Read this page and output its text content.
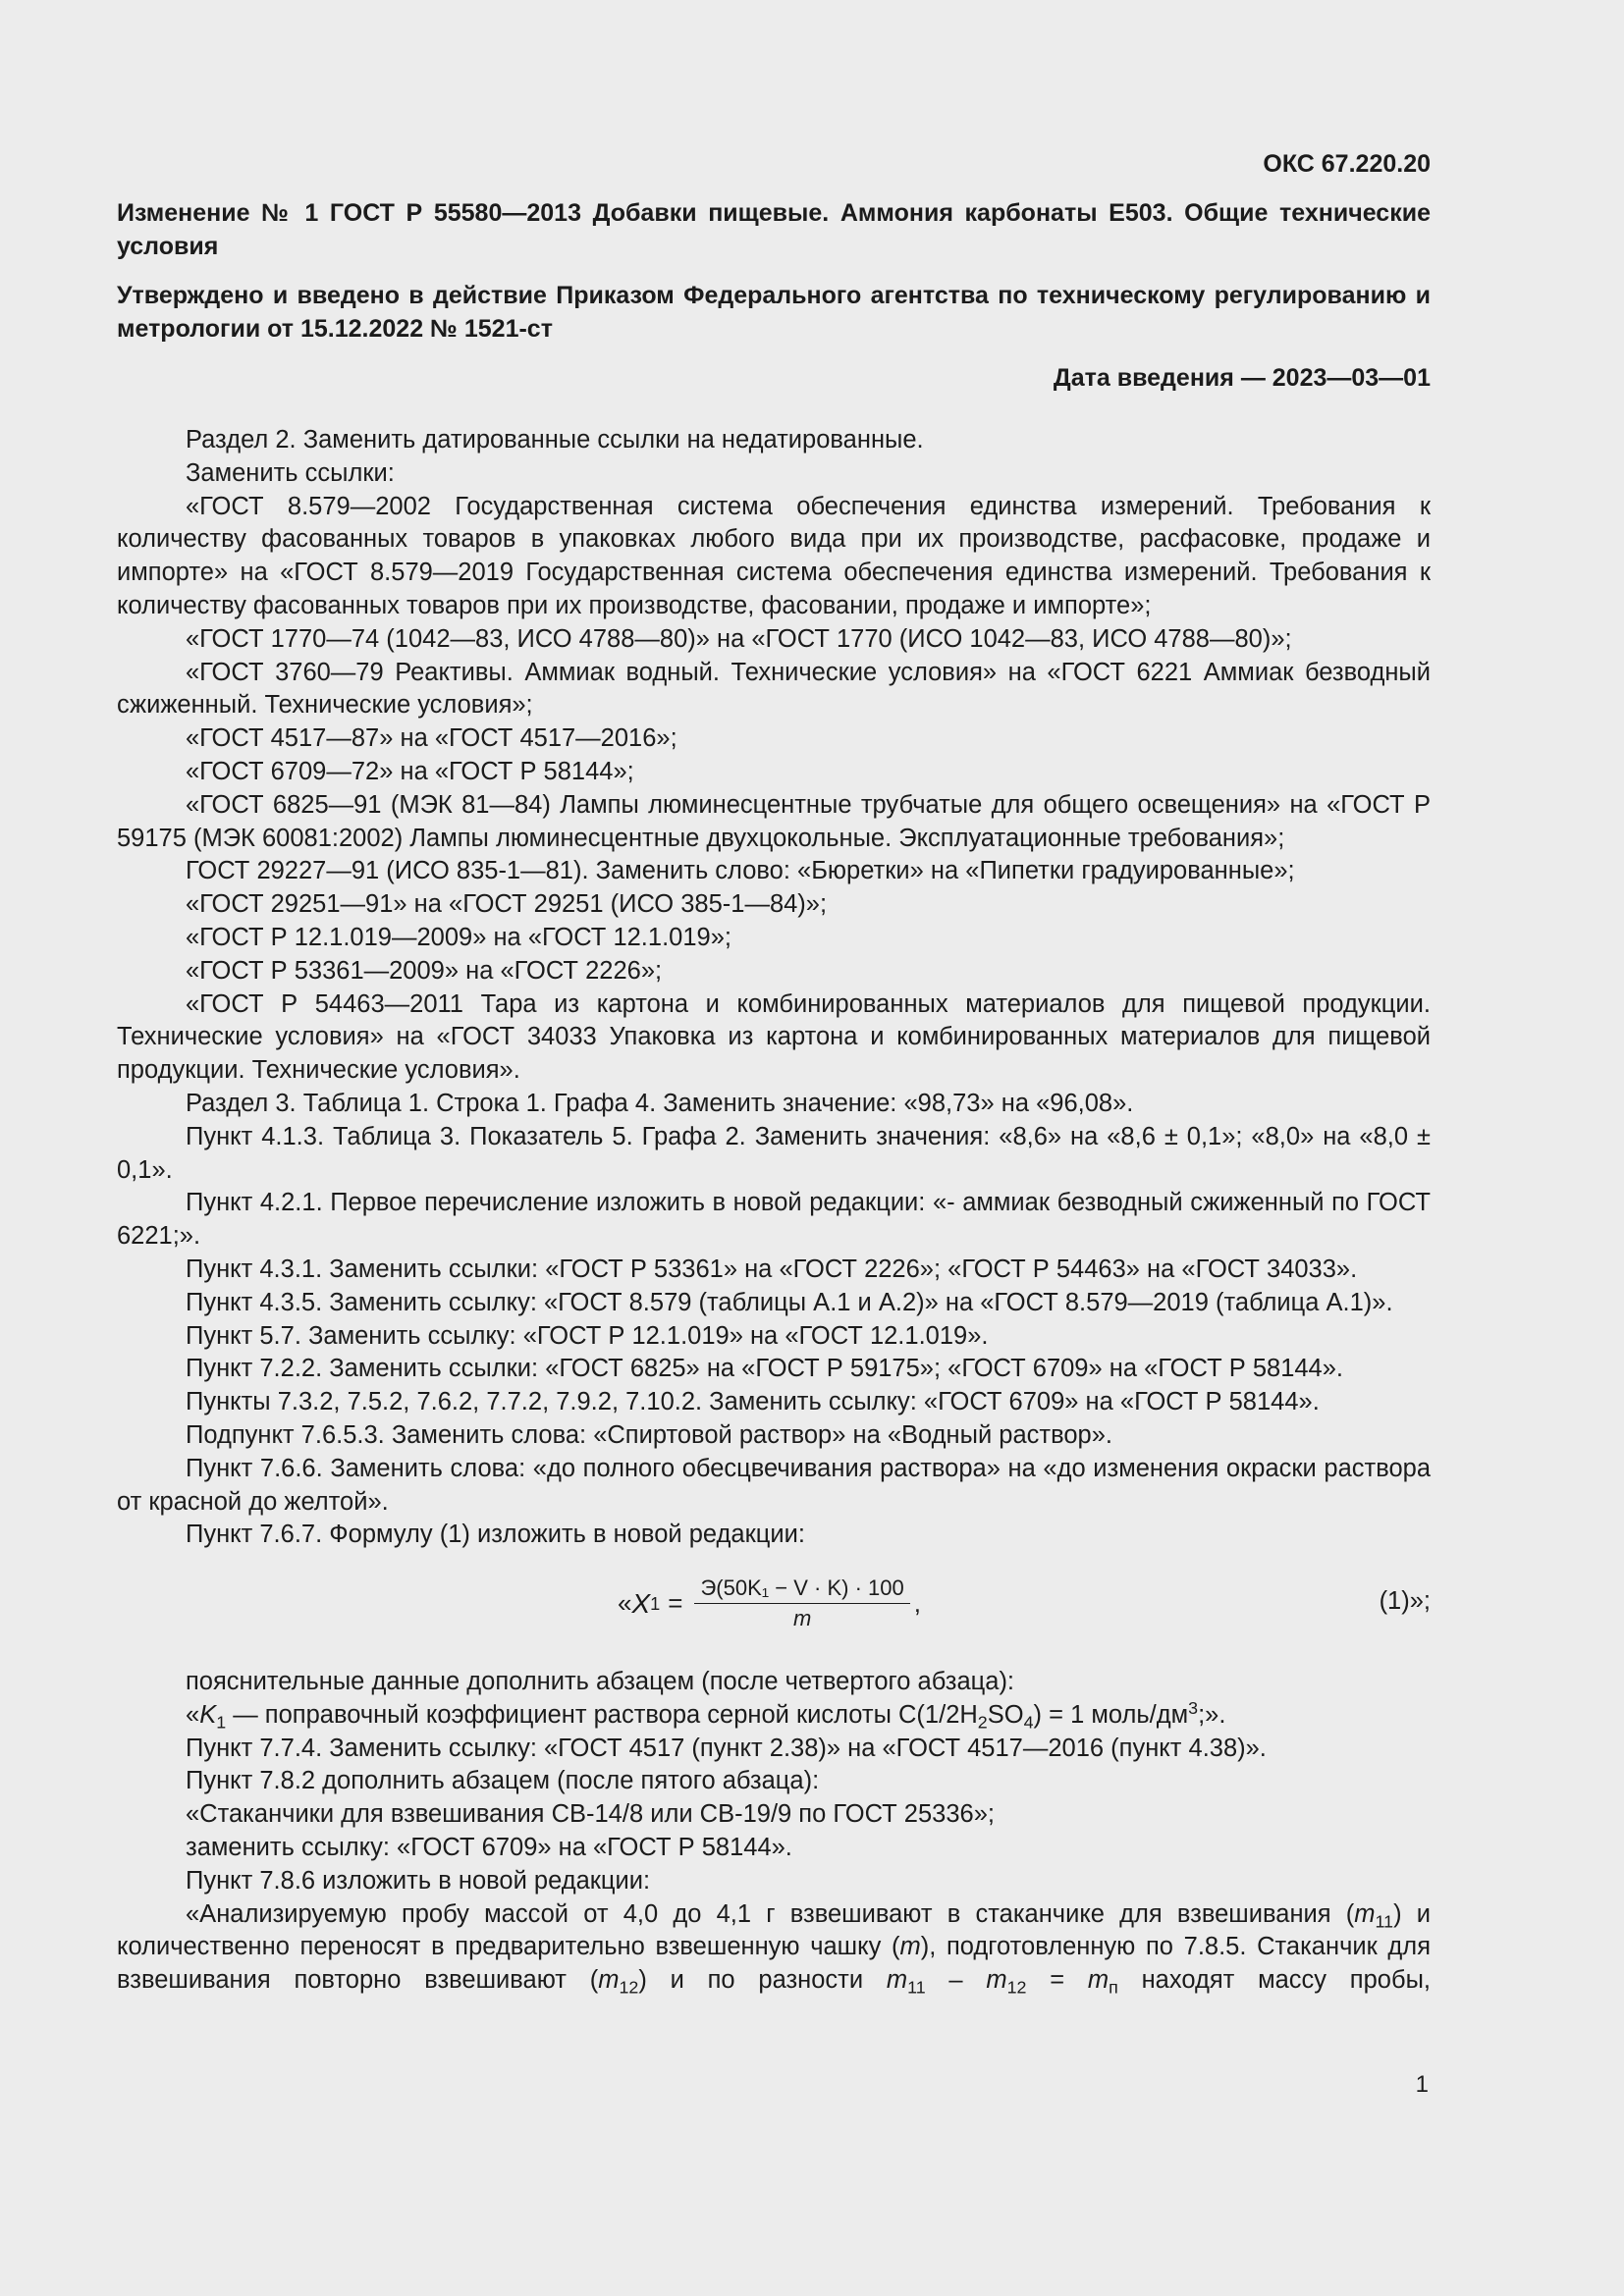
ОКС 67.220.20
Изменение № 1 ГОСТ Р 55580—2013 Добавки пищевые. Аммония карбонаты Е503. Общие технические условия
Утверждено и введено в действие Приказом Федерального агентства по техническому регулированию и метрологии от 15.12.2022 № 1521-ст
Дата введения — 2023—03—01

Раздел 2. Заменить датированные ссылки на недатированные.

Заменить ссылки:

«ГОСТ 8.579—2002 Государственная система обеспечения единства измерений. Требования к количеству фасованных товаров в упаковках любого вида при их производстве, расфасовке, продаже и импорте» на «ГОСТ 8.579—2019 Государственная система обеспечения единства измерений. Требования к количеству фасованных товаров при их производстве, фасовании, продаже и импорте»;

«ГОСТ 1770—74 (1042—83, ИСО 4788—80)» на «ГОСТ 1770 (ИСО 1042—83, ИСО 4788—80)»;

«ГОСТ 3760—79 Реактивы. Аммиак водный. Технические условия» на «ГОСТ 6221 Аммиак безводный сжиженный. Технические условия»;

«ГОСТ 4517—87» на «ГОСТ 4517—2016»;

«ГОСТ 6709—72» на «ГОСТ Р 58144»;

«ГОСТ 6825—91 (МЭК 81—84) Лампы люминесцентные трубчатые для общего освещения» на «ГОСТ Р 59175 (МЭК 60081:2002) Лампы люминесцентные двухцокольные. Эксплуатационные требования»;

ГОСТ 29227—91 (ИСО 835-1—81). Заменить слово: «Бюретки» на «Пипетки градуированные»;

«ГОСТ 29251—91» на «ГОСТ 29251 (ИСО 385-1—84)»;

«ГОСТ Р 12.1.019—2009» на «ГОСТ 12.1.019»;

«ГОСТ Р 53361—2009» на «ГОСТ 2226»;

«ГОСТ Р 54463—2011 Тара из картона и комбинированных материалов для пищевой продукции. Технические условия» на «ГОСТ 34033 Упаковка из картона и комбинированных материалов для пищевой продукции. Технические условия».

Раздел 3. Таблица 1. Строка 1. Графа 4. Заменить значение: «98,73» на «96,08».

Пункт 4.1.3. Таблица 3. Показатель 5. Графа 2. Заменить значения: «8,6» на «8,6 ± 0,1»; «8,0» на «8,0 ± 0,1».

Пункт 4.2.1. Первое перечисление изложить в новой редакции: «- аммиак безводный сжиженный по ГОСТ 6221;».

Пункт 4.3.1. Заменить ссылки: «ГОСТ Р 53361» на «ГОСТ 2226»; «ГОСТ Р 54463» на «ГОСТ 34033».

Пункт 4.3.5. Заменить ссылку: «ГОСТ 8.579 (таблицы А.1 и А.2)» на «ГОСТ 8.579—2019 (таблица А.1)».

Пункт 5.7. Заменить ссылку: «ГОСТ Р 12.1.019» на «ГОСТ 12.1.019».

Пункт 7.2.2. Заменить ссылки: «ГОСТ 6825» на «ГОСТ Р 59175»; «ГОСТ 6709» на «ГОСТ Р 58144».

Пункты 7.3.2, 7.5.2, 7.6.2, 7.7.2, 7.9.2, 7.10.2. Заменить ссылку: «ГОСТ 6709» на «ГОСТ Р 58144».

Подпункт 7.6.5.3. Заменить слова: «Спиртовой раствор» на «Водный раствор».

Пункт 7.6.6. Заменить слова: «до полного обесцвечивания раствора» на «до изменения окраски раствора от красной до желтой».

Пункт 7.6.7. Формулу (1) изложить в новой редакции:

« X $1 = \frac{\text{Э(50K₁ − V · K) · 100}}{m}$ ,	(1)»;

пояснительные данные дополнить абзацем (после четвертого абзаца):

«$K_1$ — поправочный коэффициент раствора серной кислоты $С(1/2H_2SO_4) = 1$ моль/$дм^3$;».

Пункт 7.7.4. Заменить ссылку: «ГОСТ 4517 (пункт 2.38)» на «ГОСТ 4517—2016 (пункт 4.38)».

Пункт 7.8.2 дополнить абзацем (после пятого абзаца):

«Стаканчики для взвешивания СВ-14/8 или СВ-19/9 по ГОСТ 25336»;

заменить ссылку: «ГОСТ 6709» на «ГОСТ Р 58144».

Пункт 7.8.6 изложить в новой редакции:

«Анализируемую пробу массой от 4,0 до 4,1 г взвешивают в стаканчике для взвешивания $(m_{11})$ и количественно переносят в предварительно взвешенную чашку (m), подготовленную по 7.8.5. Стаканчик для взвешивания повторно взвешивают $(m_{12})$ и по разности $m_{11} - m_{12} = m_п$ находят массу пробы,

1
